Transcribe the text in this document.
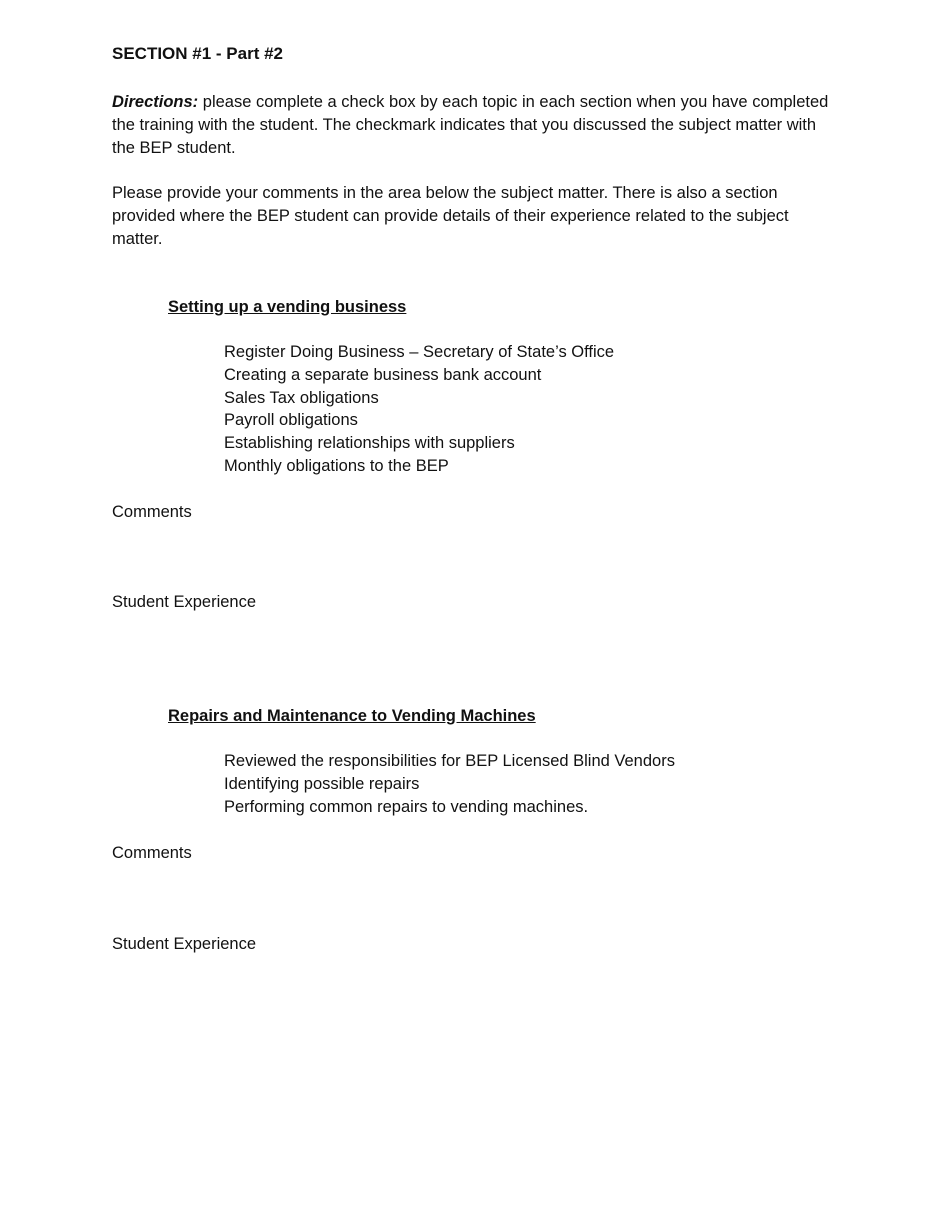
SECTION #1 - Part #2

Directions: please complete a check box by each topic in each section when you have completed the training with the student. The checkmark indicates that you discussed the subject matter with the BEP student.

Please provide your comments in the area below the subject matter. There is also a section provided where the BEP student can provide details of their experience related to the subject matter.

Setting up a vending business
Register Doing Business – Secretary of State’s Office
Creating a separate business bank account
Sales Tax obligations
Payroll obligations
Establishing relationships with suppliers
Monthly obligations to the BEP
Comments
Student Experience
Repairs and Maintenance to Vending Machines
Reviewed the responsibilities for BEP Licensed Blind Vendors
Identifying possible repairs
Performing common repairs to vending machines.
Comments
Student Experience
